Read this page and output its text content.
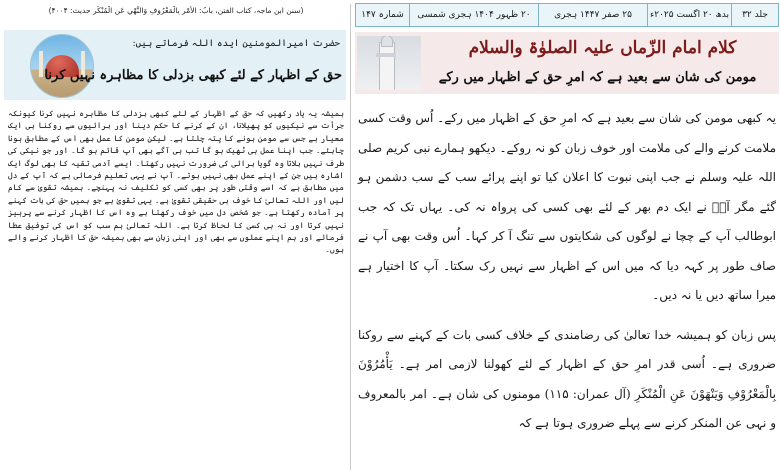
جلد ۳۲
بدھ ۲۰ اگست ۲۰۲۵ء
۲۵ صفر ۱۴۴۷ ہجری
۲۰ ظہور ۱۴۰۴ ہجری شمسی
شمارہ ۱۴۷
(سنن ابن ماجہ، کتاب الفتن، بابُ: الأَمْرِ بِالْمَعْرُوفِ وَالنَّهْيِ عَنِ الْمُنْكَرِ حدیث: ۴۰۰۴)
کلام امام الزّماں علیہ الصلوٰۃ والسلام
مومن کی شان سے بعید ہے کہ امرِ حق کے اظہار میں رکے

یہ کبھی مومن کی شان سے بعید ہے کہ امرِ حق کے اظہار میں رکے۔ اُس وقت کسی ملامت کرنے والے کی ملامت اور خوف زبان کو نہ روکے۔ دیکھو ہمارے نبی کریم صلی اللہ علیہ وسلم نے جب اپنی نبوت کا اعلان کیا تو اپنے پرائے سب کے سب دشمن ہو گئے مگر آپؐ نے ایک دم بھر کے لئے بھی کسی کی پرواہ نہ کی۔ یہاں تک کہ جب ابوطالب آپ کے چچا نے لوگوں کی شکایتوں سے تنگ آ کر کہا۔ اُس وقت بھی آپ نے صاف طور پر کہہ دیا کہ میں اس کے اظہار سے نہیں رک سکتا۔ آپ کا اختیار ہے میرا ساتھ دیں یا نہ دیں۔

پس زبان کو ہمیشہ خدا تعالیٰ کی رضامندی کے خلاف کسی بات کے کہنے سے روکنا ضروری ہے۔ اُسی قدر امرِ حق کے اظہار کے لئے کھولنا لازمی امر ہے۔ يَأْمُرُوْنَ بِالْمَعْرُوْفِ وَيَنْهَوْنَ عَنِ الْمُنْكَرِ (آل عمران: ۱۱۵) مومنوں کی شان ہے۔ امر بالمعروف و نہی عن المنکر کرنے سے پہلے ضروری ہوتا ہے کہ

حضرت امیرالمومنین ایدہ اللہ فرماتے ہیں:
حق کے اظہار کے لئے کبھی بزدلی کا مظاہرہ نہیں کرنا

ہمیشہ یہ یاد رکھیں کہ حق کے اظہار کے لئے کبھی بزدلی کا مظاہرہ نہیں کرنا کیونکہ جرأت سے نیکیوں کو پھیلانا، ان کے کرنے کا حکم دینا اور برائیوں سے روکنا ہی ایک معیار ہے جس سے مومن ہونے کا پتہ چلتا ہے۔ لیکن مومن کا عمل بھی اس کے مطابق ہونا چاہئے۔ جب اپنا عمل ہی ٹھیک ہو گا تب ہی آگے بھی آپ قائم ہو گا۔ اور جو نیکی کی طرف نہیں بلاتا وہ گویا برائی کی ضرورت نہیں رکھتا۔ ایسے آدمی تقیہ کا بھی لوگ ایک اشارہ ہیں جن کے اپنے عمل بھی نہیں ہوتے۔ آپ نے یہی تعلیم فرمائی ہے کہ آپ کے دل میں مطابق ہے کہ اسے وقتی طور پر بھی کسی کو تکلیف نہ پہنچے۔ ہمیشہ تقویٰ سے کام لیں اور اللہ تعالیٰ کا خوف ہی حقیقی تقویٰ ہے۔ یہی تقویٰ ہے جو ہمیں حق کی بات کہنے پر آمادہ رکھتا ہے۔ جو شخص دل میں خوف رکھتا ہے وہ اس کا اظہار کرنے سے پرہیز نہیں کرتا اور نہ ہی کسی کا لحاظ کرتا ہے۔ اللہ تعالیٰ ہم سب کو اس کی توفیق عطا فرمائے اور ہم اپنے عملوں سے بھی اور اپنی زبان سے بھی ہمیشہ حق کا اظہار کرنے والے ہوں۔
